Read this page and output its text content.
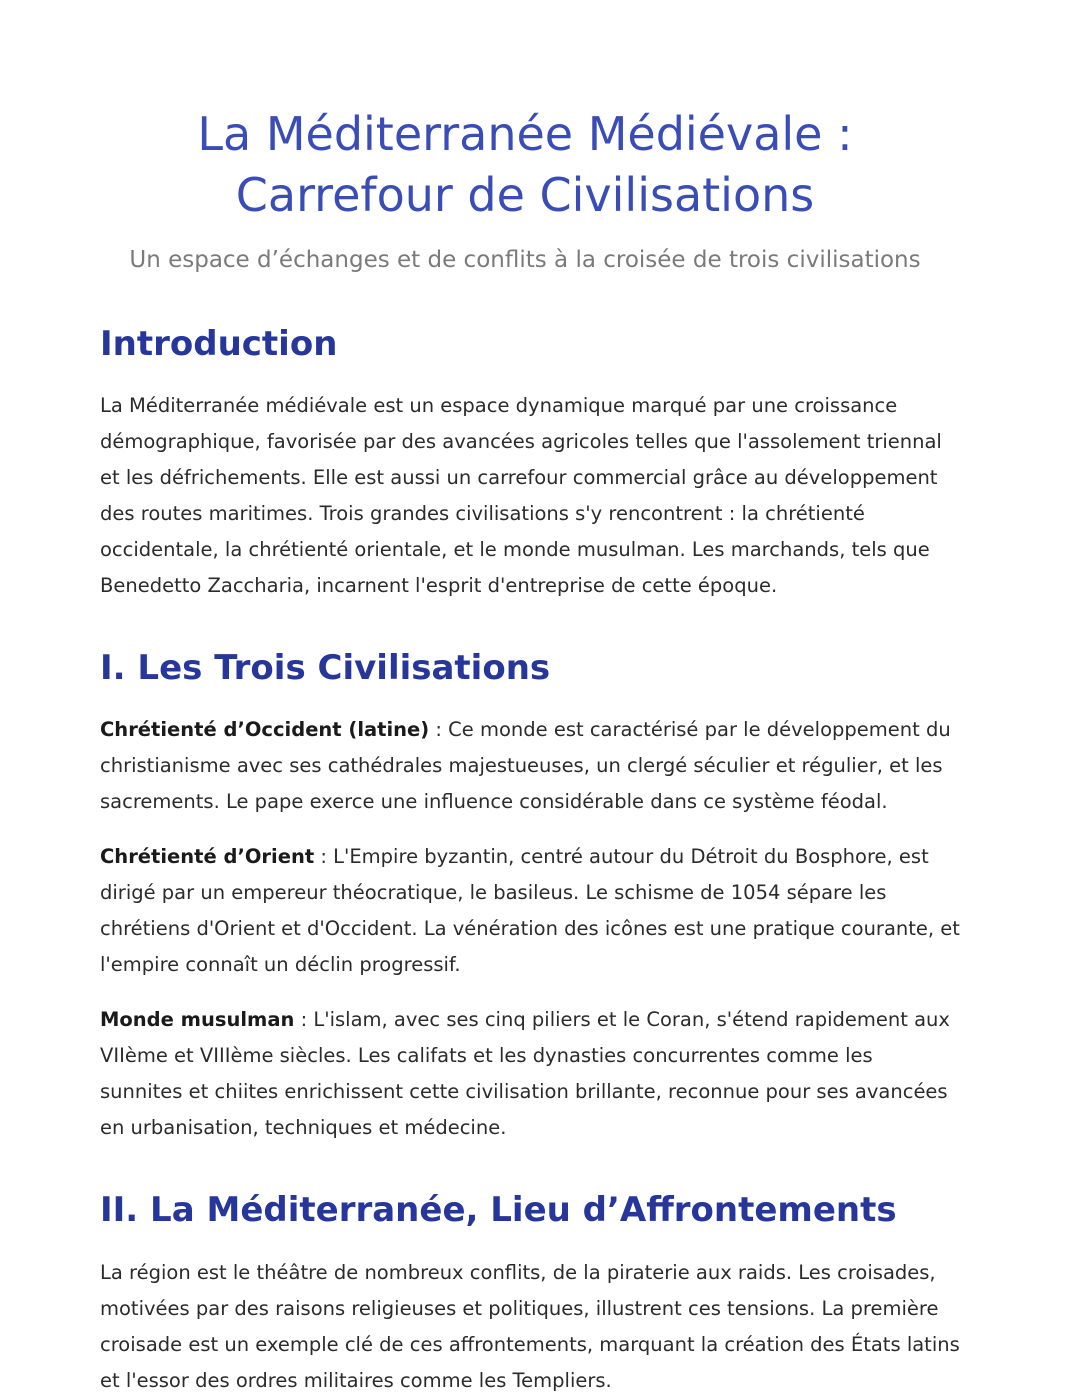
La Méditerranée Médiévale :
Carrefour de Civilisations

Un espace d’échanges et de conflits à la croisée de trois civilisations

Introduction

La Méditerranée médiévale est un espace dynamique marqué par une croissance démographique, favorisée par des avancées agricoles telles que l'assolement triennal et les défrichements. Elle est aussi un carrefour commercial grâce au développement des routes maritimes. Trois grandes civilisations s'y rencontrent : la chrétienté occidentale, la chrétienté orientale, et le monde musulman. Les marchands, tels que Benedetto Zaccharia, incarnent l'esprit d'entreprise de cette époque.

I. Les Trois Civilisations

Chrétienté d’Occident (latine) : Ce monde est caractérisé par le développement du christianisme avec ses cathédrales majestueuses, un clergé séculier et régulier, et les sacrements. Le pape exerce une influence considérable dans ce système féodal.

Chrétienté d’Orient : L'Empire byzantin, centré autour du Détroit du Bosphore, est dirigé par un empereur théocratique, le basileus. Le schisme de 1054 sépare les chrétiens d'Orient et d'Occident. La vénération des icônes est une pratique courante, et l'empire connaît un déclin progressif.

Monde musulman : L'islam, avec ses cinq piliers et le Coran, s'étend rapidement aux VIIème et VIIIème siècles. Les califats et les dynasties concurrentes comme les sunnites et chiites enrichissent cette civilisation brillante, reconnue pour ses avancées en urbanisation, techniques et médecine.

II. La Méditerranée, Lieu d’Affrontements

La région est le théâtre de nombreux conflits, de la piraterie aux raids. Les croisades, motivées par des raisons religieuses et politiques, illustrent ces tensions. La première croisade est un exemple clé de ces affrontements, marquant la création des États latins et l'essor des ordres militaires comme les Templiers.
